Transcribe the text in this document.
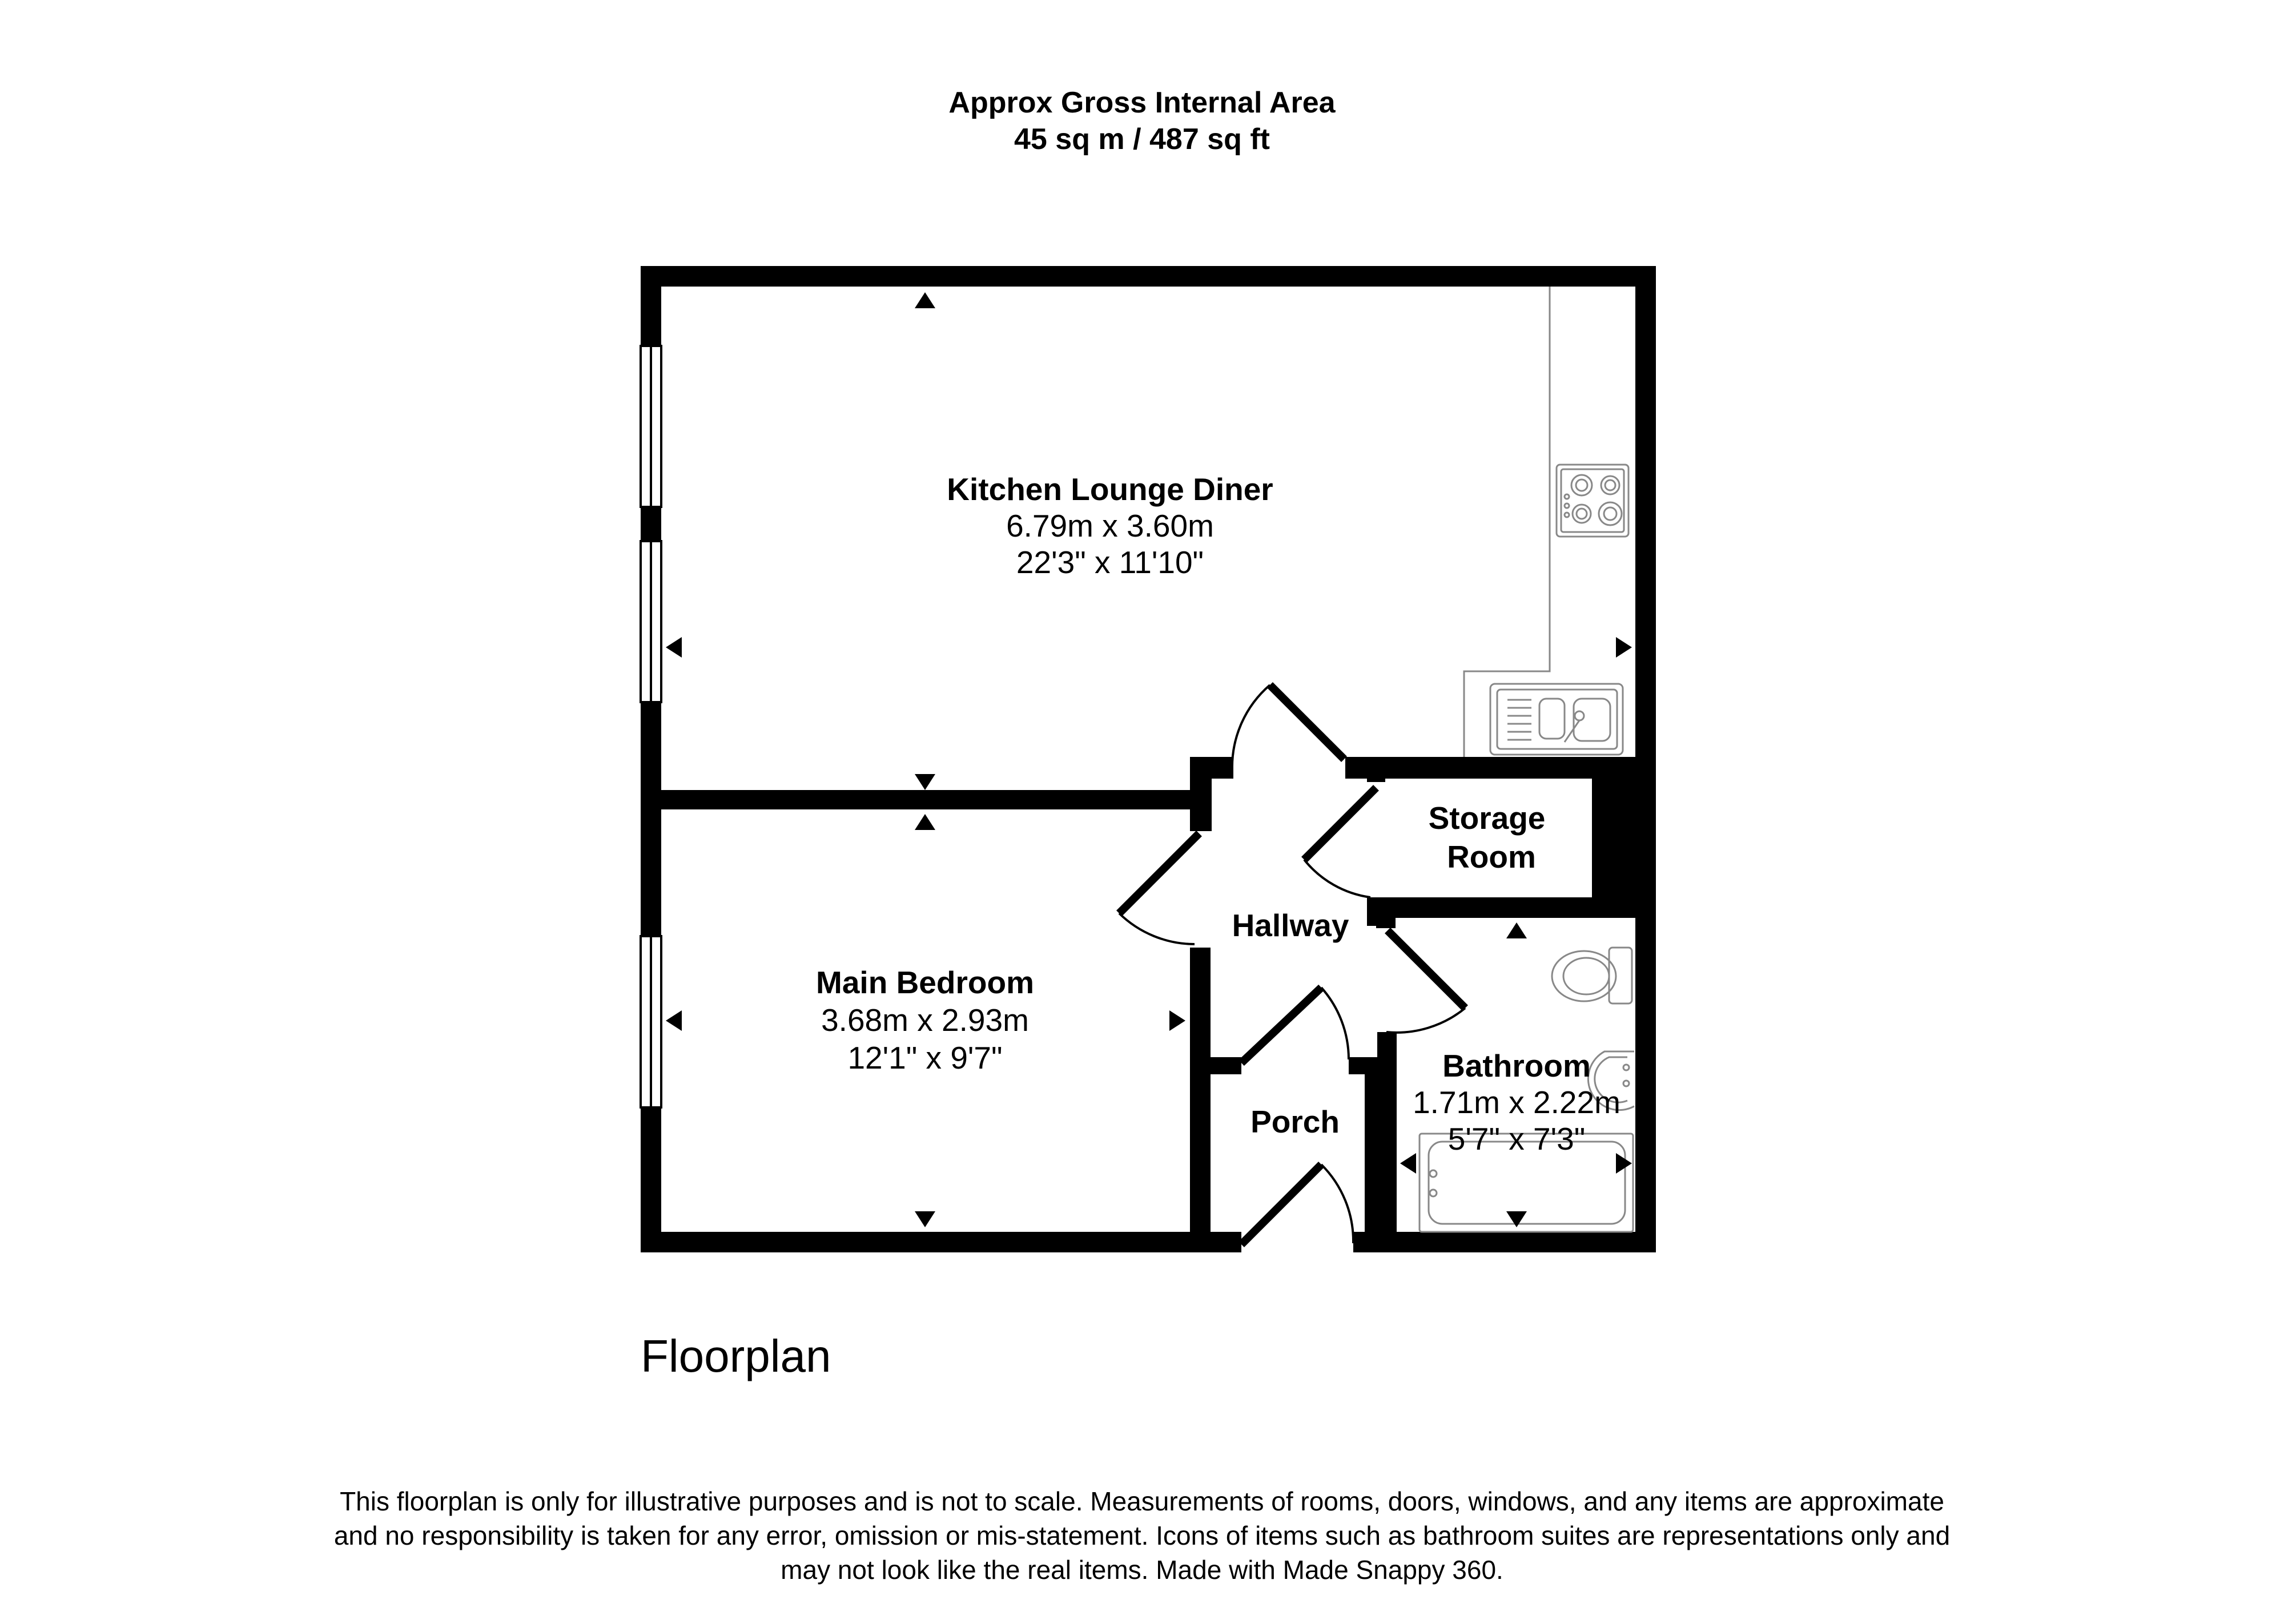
Approx Gross Internal Area
45 sq m / 487 sq ft
Kitchen Lounge Diner
6.79m x 3.60m
22'3" x 11'10"
Storage
Room
Hallway
Main Bedroom
3.68m x 2.93m
12'1" x 9'7"	Bathroom
1.71m x 2.22m
5'7" x 7'3"
Porch
Floorplan
This floorplan is only for illustrative purposes and is not to scale. Measurements of rooms, doors, windows, and any items are approximate
and no responsibility is taken for any error, omission or mis-statement. Icons of items such as bathroom suites are representations only and
may not look like the real items. Made with Made Snappy 360.
